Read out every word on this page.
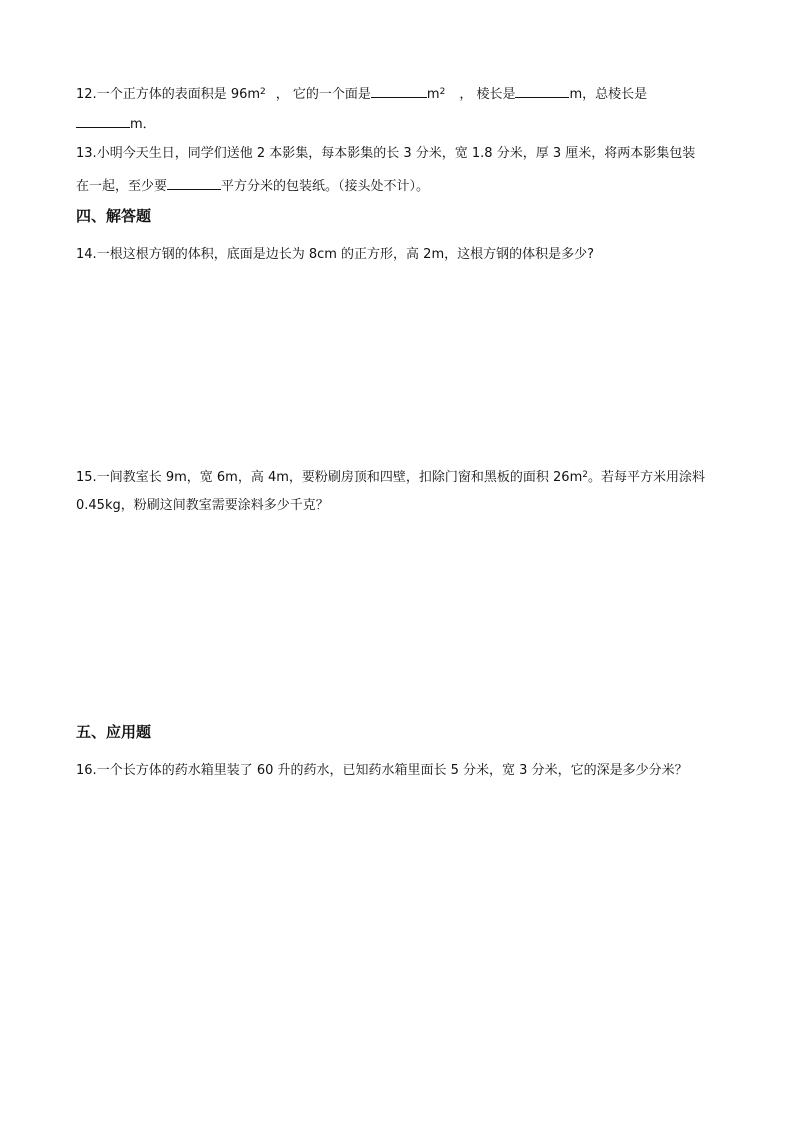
12.一个正方体的表面积是 $96m^2$ ， 它的一个面是	$m^2$ ， 棱长是	m，总棱长是
m．
13.小明今天生日，同学们送他 2 本影集，每本影集的长 3 分米，宽 1.8 分米，厚 3 厘米，将两本影集包装
在一起，至少要	平方分米的包装纸。（接头处不计）。
四、解答题
14.一根这根方钢的体积，底面是边长为 8cm 的正方形，高 2m，这根方钢的体积是多少?
15.一间教室长 9m，宽 6m，高 4m，要粉刷房顶和四壁，扣除门窗和黑板的面积 $26m^2$。若每平方米用涂料
0.45kg，粉刷这间教室需要涂料多少千克？
五、应用题
16.一个长方体的药水箱里装了 60 升的药水，已知药水箱里面长 5 分米，宽 3 分米，它的深是多少分米？
